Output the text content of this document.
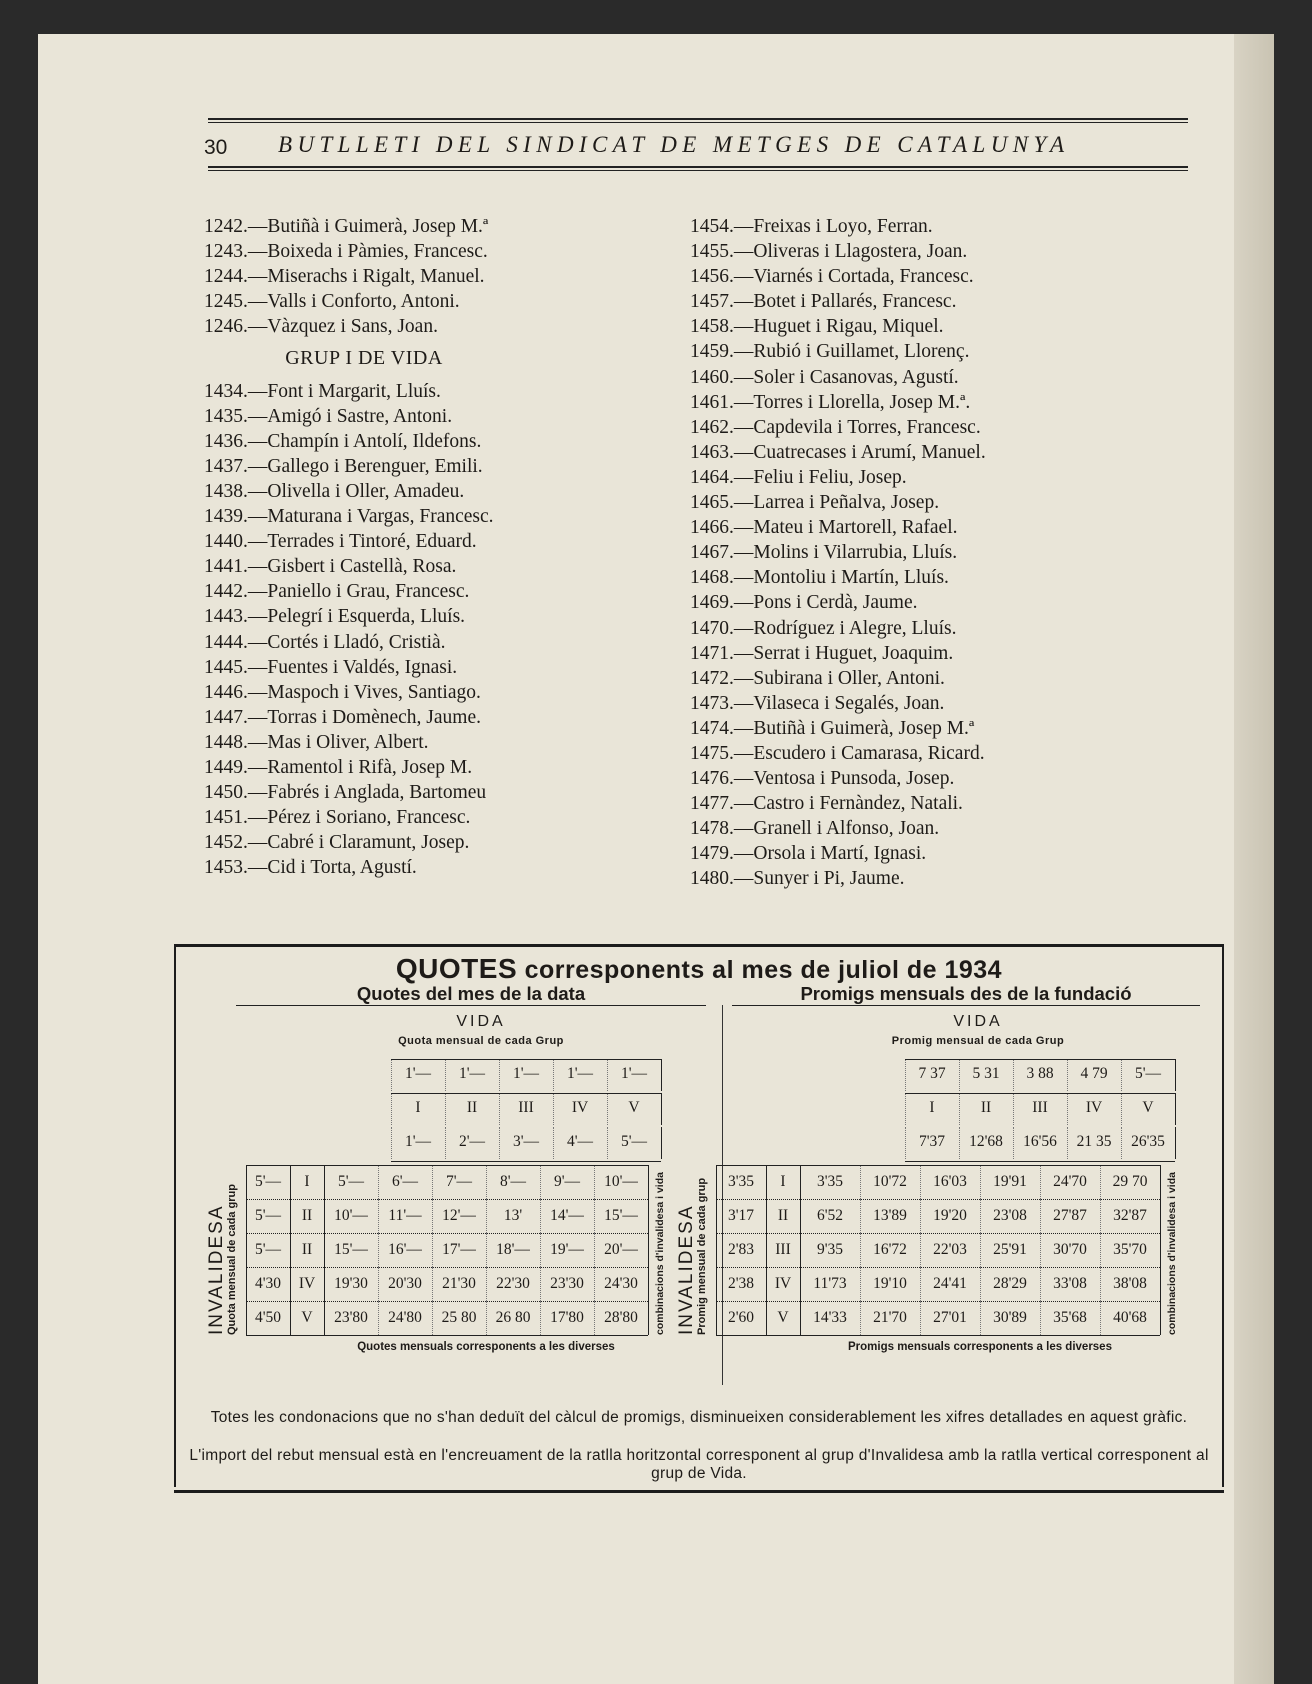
30 BUTLLETI DEL SINDICAT DE METGES DE CATALUNYA
1242.—Butiñà i Guimerà, Josep M.ª
1243.—Boixeda i Pàmies, Francesc.
1244.—Miserachs i Rigalt, Manuel.
1245.—Valls i Conforto, Antoni.
1246.—Vàzquez i Sans, Joan.
GRUP I DE VIDA
1434.—Font i Margarit, Lluís.
1435.—Amigó i Sastre, Antoni.
1436.—Champín i Antolí, Ildefons.
1437.—Gallego i Berenguer, Emili.
1438.—Olivella i Oller, Amadeu.
1439.—Maturana i Vargas, Francesc.
1440.—Terrades i Tintoré, Eduard.
1441.—Gisbert i Castellà, Rosa.
1442.—Paniello i Grau, Francesc.
1443.—Pelegrí i Esquerda, Lluís.
1444.—Cortés i Lladó, Cristià.
1445.—Fuentes i Valdés, Ignasi.
1446.—Maspoch i Vives, Santiago.
1447.—Torras i Domènech, Jaume.
1448.—Mas i Oliver, Albert.
1449.—Ramentol i Rifà, Josep M.
1450.—Fabrés i Anglada, Bartomeu
1451.—Pérez i Soriano, Francesc.
1452.—Cabré i Claramunt, Josep.
1453.—Cid i Torta, Agustí.
1454.—Freixas i Loyo, Ferran.
1455.—Oliveras i Llagostera, Joan.
1456.—Viarnés i Cortada, Francesc.
1457.—Botet i Pallarés, Francesc.
1458.—Huguet i Rigau, Miquel.
1459.—Rubió i Guillamet, Llorenç.
1460.—Soler i Casanovas, Agustí.
1461.—Torres i Llorella, Josep M.ª.
1462.—Capdevila i Torres, Francesc.
1463.—Cuatrecases i Arumí, Manuel.
1464.—Feliu i Feliu, Josep.
1465.—Larrea i Peñalva, Josep.
1466.—Mateu i Martorell, Rafael.
1467.—Molins i Vilarrubia, Lluís.
1468.—Montoliu i Martín, Lluís.
1469.—Pons i Cerdà, Jaume.
1470.—Rodríguez i Alegre, Lluís.
1471.—Serrat i Huguet, Joaquim.
1472.—Subirana i Oller, Antoni.
1473.—Vilaseca i Segalés, Joan.
1474.—Butiñà i Guimerà, Josep M.ª
1475.—Escudero i Camarasa, Ricard.
1476.—Ventosa i Punsoda, Josep.
1477.—Castro i Fernàndez, Natali.
1478.—Granell i Alfonso, Joan.
1479.—Orsola i Martí, Ignasi.
1480.—Sunyer i Pi, Jaume.
QUOTES corresponents al mes de juliol de 1934
Quotes del mes de la data
VIDA
Quota mensual de cada Grup
1'—	1'—	1'—	1'—	1'—
I	II	III	IV	V
1'—	2'—	3'—	4'—	5'—
5'—	I	5'—	6'—	7'—	8'—	9'—	10'—
5'—	II	10'—	11'—	12'—	13'	14'—	15'—
5'—	II	15'—	16'—	17'—	18'—	19'—	20'—
4'30	IV	19'30	20'30	21'30	22'30	23'30	24'30
4'50	V	23'80	24'80	25 80	26 80	17'80	28'80
INVALIDESA Quota mensual de cada grup	combinacions d'invalidesa i vida
Quotes mensuals corresponents a les diverses
Promigs mensuals des de la fundació
VIDA
Promig mensual de cada Grup
7 37	5 31	3 88	4 79	5'—
I	II	III	IV	V
7'37	12'68	16'56	21 35	26'35
3'35	I	3'35	10'72	16'03	19'91	24'70	29 70
3'17	II	6'52	13'89	19'20	23'08	27'87	32'87
2'83	III	9'35	16'72	22'03	25'91	30'70	35'70
2'38	IV	11'73	19'10	24'41	28'29	33'08	38'08
2'60	V	14'33	21'70	27'01	30'89	35'68	40'68
INVALIDESA Promig mensual de cada grup	combinacions d'invalidesa i vida
Promigs mensuals corresponents a les diverses
Totes les condonacions que no s'han deduït del càlcul de promigs, disminueixen considerablement les xifres detallades en aquest gràfic.
L'import del rebut mensual està en l'encreuament de la ratlla horitzontal corresponent al grup d'Invalidesa amb la ratlla vertical corresponent al grup de Vida.
